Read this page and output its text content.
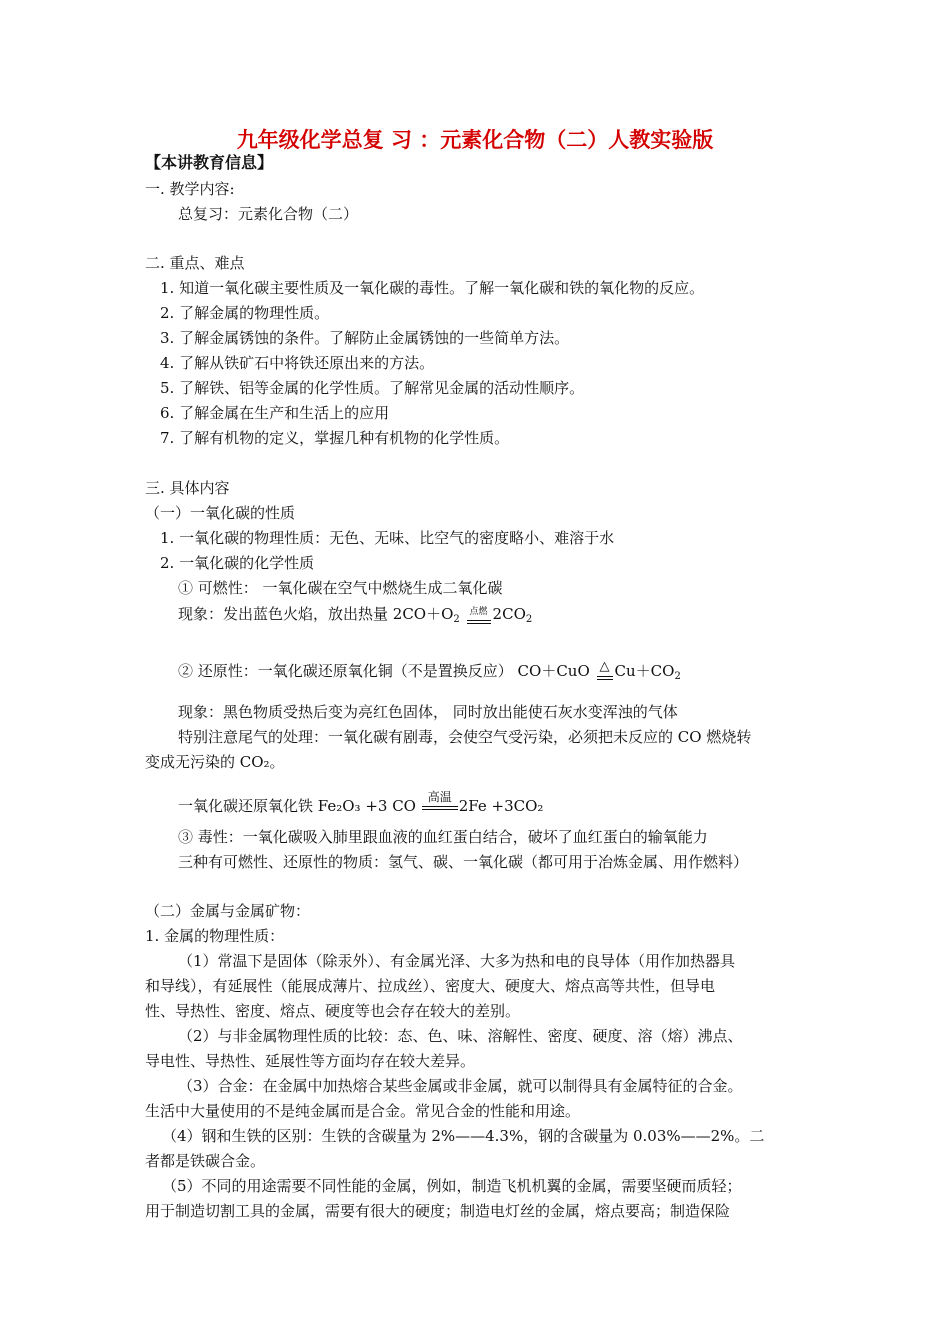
九年级化学总复 习 ：元素化合物（二）人教实验版
【本讲教育信息】
一. 教学内容:
总复习：元素化合物（二）
二. 重点、难点
1. 知道一氧化碳主要性质及一氧化碳的毒性。了解一氧化碳和铁的氧化物的反应。
2. 了解金属的物理性质。
3. 了解金属锈蚀的条件。了解防止金属锈蚀的一些简单方法。
4. 了解从铁矿石中将铁还原出来的方法。
5. 了解铁、铝等金属的化学性质。了解常见金属的活动性顺序。
6. 了解金属在生产和生活上的应用
7. 了解有机物的定义，掌握几种有机物的化学性质。
三. 具体内容
（一）一氧化碳的性质
1. 一氧化碳的物理性质：无色、无味、比空气的密度略小、难溶于水
2. 一氧化碳的化学性质
① 可燃性： 一氧化碳在空气中燃烧生成二氧化碳
现象：发出蓝色火焰，放出热量 $2CO+O_2$
点燃 $2CO_2$
② 还原性：一氧化碳还原氧化铜（不是置换反应） CO＋CuO △ $Cu+CO_2$
现象：黑色物质受热后变为亮红色固体， 同时放出能使石灰水变浑浊的气体
特别注意尾气的处理：一氧化碳有剧毒，会使空气受污染，必须把未反应的 CO 燃烧转
变成无污染的 CO₂。
一氧化碳还原氧化铁 Fe₂O₃ +3 CO 高温 2Fe +3CO₂
③ 毒性：一氧化碳吸入肺里跟血液的血红蛋白结合，破坏了血红蛋白的输氧能力
三种有可燃性、还原性的物质：氢气、碳、一氧化碳（都可用于冶炼金属、用作燃料）
（二）金属与金属矿物：
1. 金属的物理性质：
（1）常温下是固体（除汞外）、有金属光泽、大多为热和电的良导体（用作加热器具
和导线），有延展性（能展成薄片、拉成丝）、密度大、硬度大、熔点高等共性，但导电
性、导热性、密度、熔点、硬度等也会存在较大的差别。
（2）与非金属物理性质的比较：态、色、味、溶解性、密度、硬度、溶（熔）沸点、
导电性、导热性、延展性等方面均存在较大差异。
（3）合金：在金属中加热熔合某些金属或非金属，就可以制得具有金属特征的合金。
生活中大量使用的不是纯金属而是合金。常见合金的性能和用途。
（4）钢和生铁的区别：生铁的含碳量为 2%——4.3%，钢的含碳量为 0.03%——2%。二
者都是铁碳合金。
（5）不同的用途需要不同性能的金属，例如，制造飞机机翼的金属，需要坚硬而质轻；
用于制造切割工具的金属，需要有很大的硬度；制造电灯丝的金属，熔点要高；制造保险
